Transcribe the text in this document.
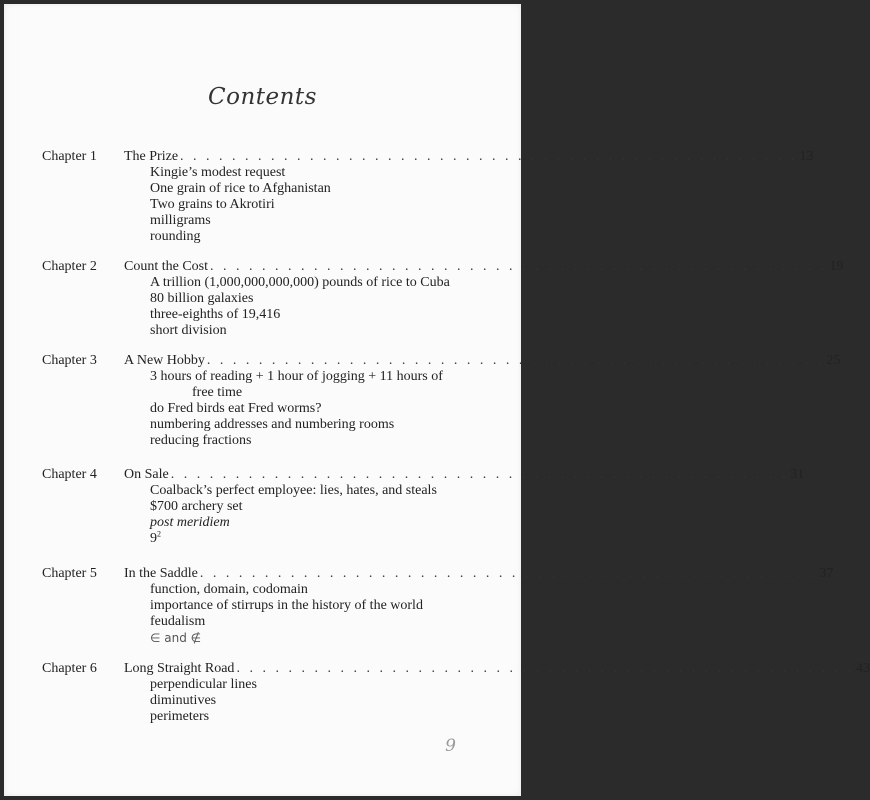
Contents
Chapter 1 The Prize . . . . . . . . . . . . . . . . . . . . . . . . . . . . . . . . . . . . . . . . . . . . . . . . 13
Kingie’s modest request
One grain of rice to Afghanistan
Two grains to Akrotiri
milligrams
rounding
Chapter 2 Count the Cost . . . . . . . . . . . . . . . . . . . . . . . . . . . . . . . . . . . . . . . . . . . . . . . . 19
A trillion (1,000,000,000,000) pounds of rice to Cuba
80 billion galaxies
three-eighths of 19,416
short division
Chapter 3 A New Hobby . . . . . . . . . . . . . . . . . . . . . . . . . . . . . . . . . . . . . . . . . . . . . . . . 25
3 hours of reading + 1 hour of jogging + 11 hours of
free time
do Fred birds eat Fred worms?
numbering addresses and numbering rooms
reducing fractions
Chapter 4 On Sale . . . . . . . . . . . . . . . . . . . . . . . . . . . . . . . . . . . . . . . . . . . . . . . . 31
Coalback’s perfect employee: lies, hates, and steals
$700 archery set
post meridiem
$9^2$
Chapter 5 In the Saddle . . . . . . . . . . . . . . . . . . . . . . . . . . . . . . . . . . . . . . . . . . . . . . . . 37
function, domain, codomain
importance of stirrups in the history of the world
feudalism
∈ and ∉
Chapter 6 Long Straight Road . . . . . . . . . . . . . . . . . . . . . . . . . . . . . . . . . . . . . . . . . . . . . . . . 43
perpendicular lines
diminutives
perimeters
9
